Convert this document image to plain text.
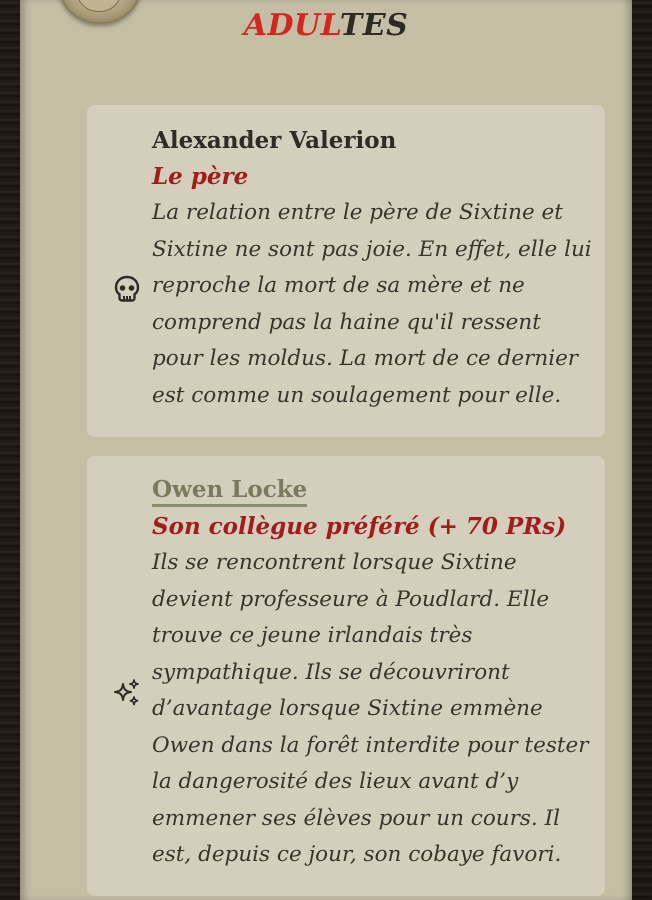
ADULTES
Alexander Valerion
Le père
La relation entre le père de Sixtine et
Sixtine ne sont pas joie. En effet, elle lui
reproche la mort de sa mère et ne
comprend pas la haine qu'il ressent
pour les moldus. La mort de ce dernier
est comme un soulagement pour elle.
Owen Locke
Son collègue préféré (+ 70 PRs)
Ils se rencontrent lorsque Sixtine
devient professeure à Poudlard. Elle
trouve ce jeune irlandais très
sympathique. Ils se découvriront
d’avantage lorsque Sixtine emmène
Owen dans la forêt interdite pour tester
la dangerosité des lieux avant d’y
emmener ses élèves pour un cours. Il
est, depuis ce jour, son cobaye favori.
